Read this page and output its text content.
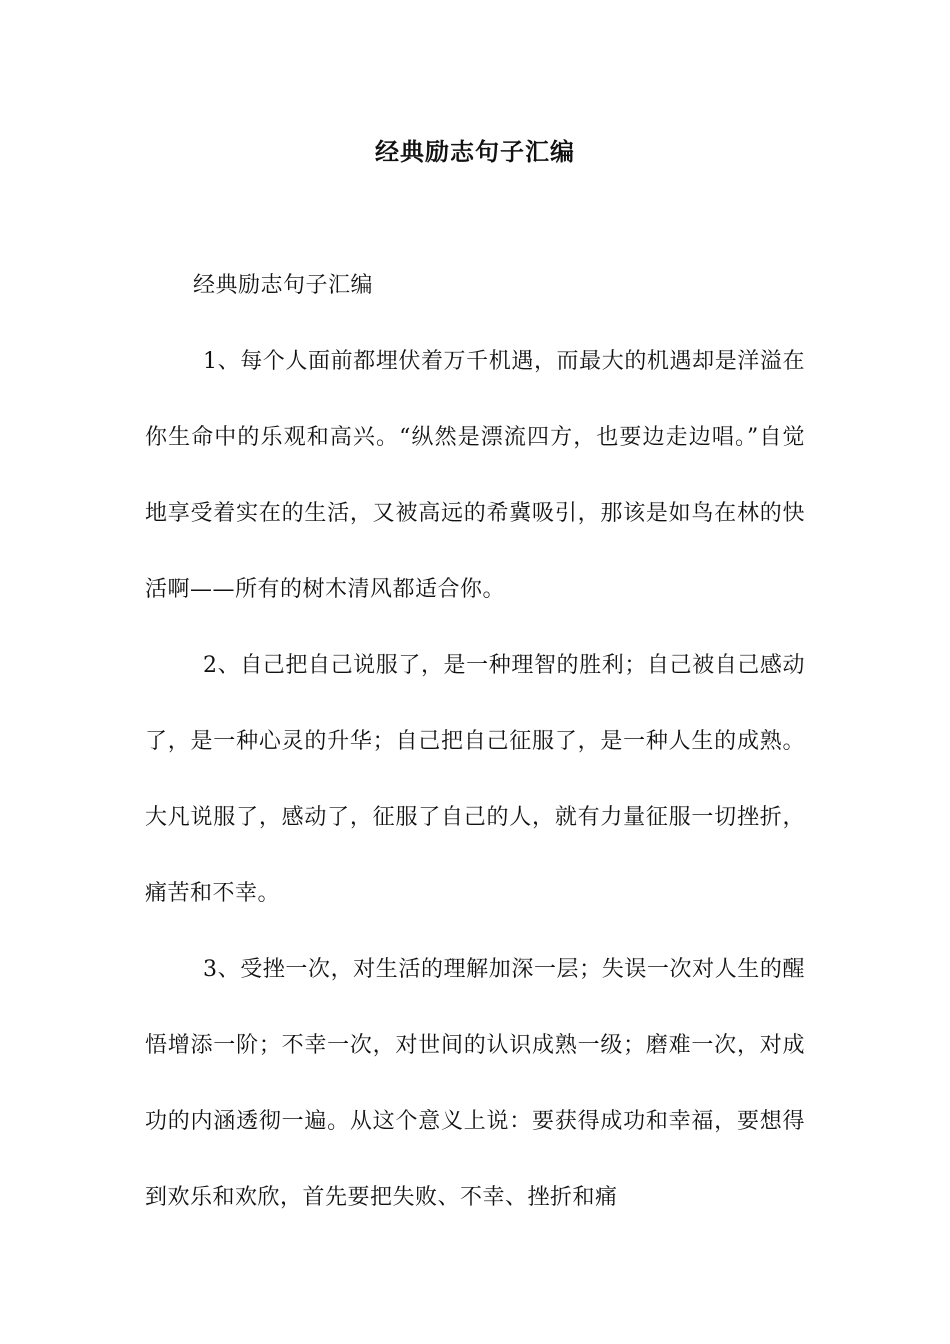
经典励志句子汇编
经典励志句子汇编

1、每个人面前都埋伏着万千机遇，而最大的机遇却是洋溢在你生命中的乐观和高兴。“纵然是漂流四方，也要边走边唱。”自觉地享受着实在的生活，又被高远的希冀吸引，那该是如鸟在林的快活啊——所有的树木清风都适合你。

2、自己把自己说服了，是一种理智的胜利；自己被自己感动了，是一种心灵的升华；自己把自己征服了，是一种人生的成熟。大凡说服了，感动了，征服了自己的人，就有力量征服一切挫折，痛苦和不幸。

3、受挫一次，对生活的理解加深一层；失误一次对人生的醒悟增添一阶；不幸一次，对世间的认识成熟一级；磨难一次，对成功的内涵透彻一遍。从这个意义上说：要获得成功和幸福，要想得到欢乐和欢欣，首先要把失败、不幸、挫折和痛
